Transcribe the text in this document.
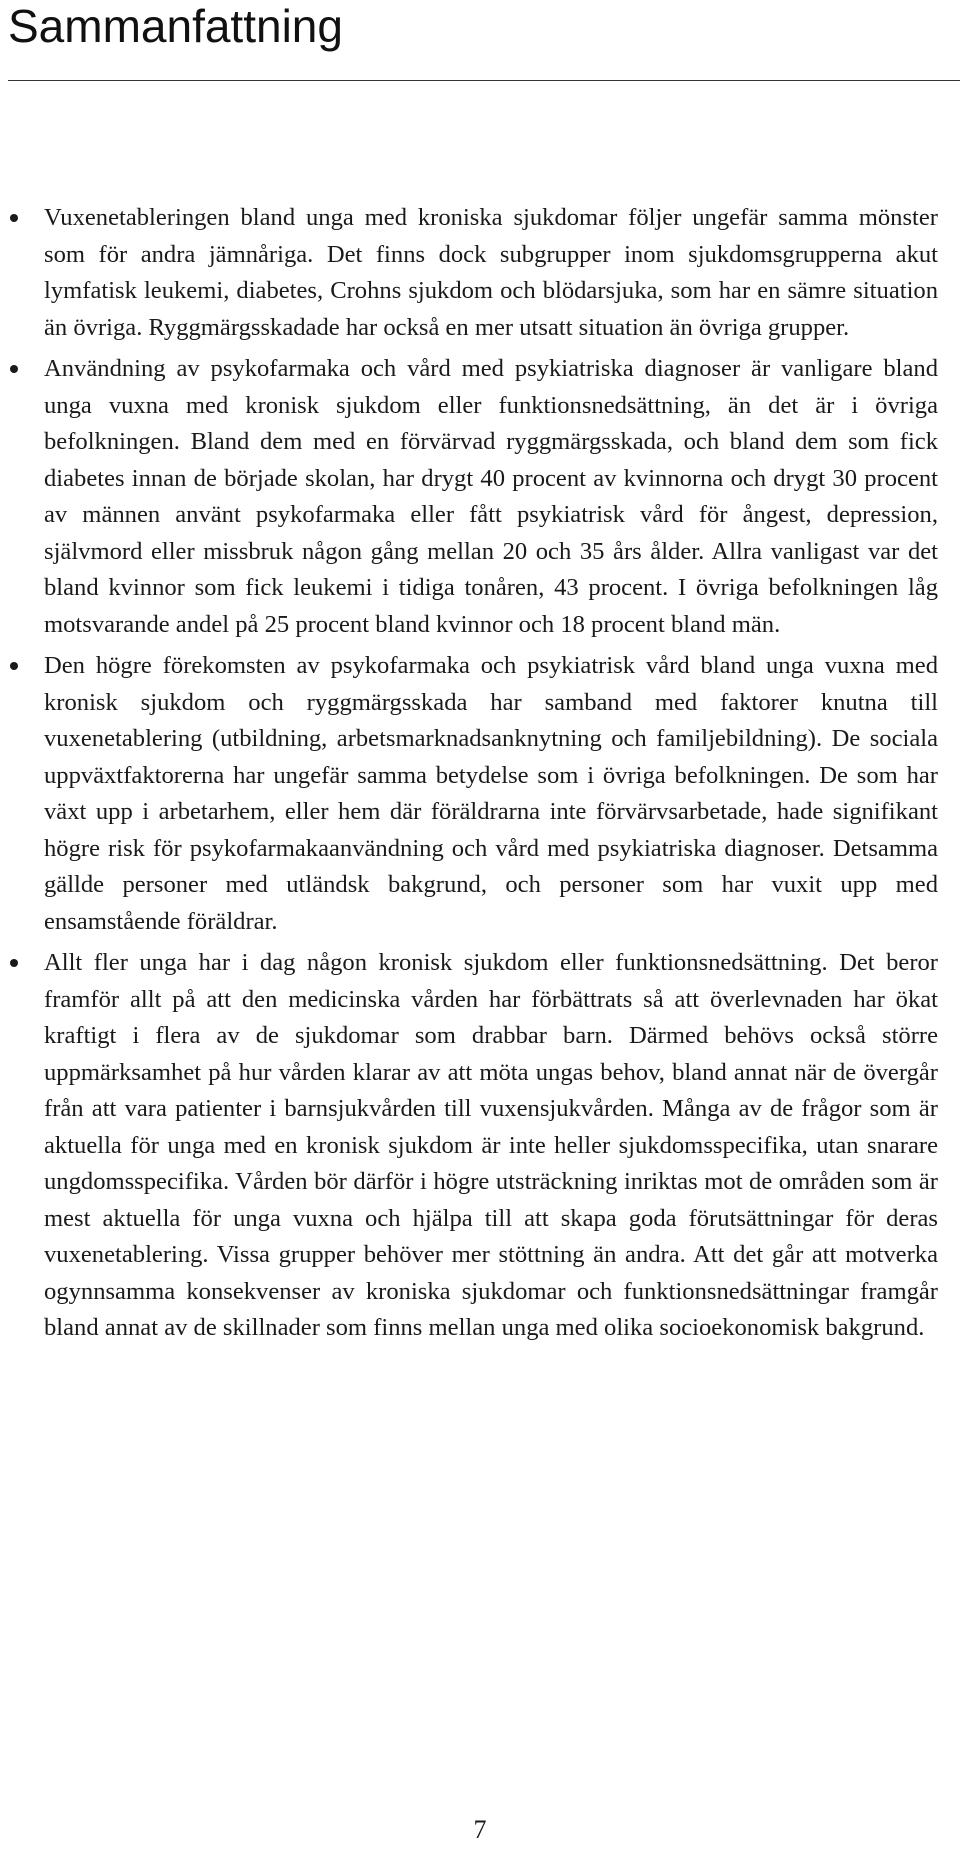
Sammanfattning
Vuxenetableringen bland unga med kroniska sjukdomar följer ungefär samma mönster som för andra jämnåriga. Det finns dock subgrupper inom sjukdomsgrupperna akut lymfatisk leukemi, diabetes, Crohns sjukdom och blödarsjuka, som har en sämre situation än övriga. Ryggmärgsskadade har också en mer utsatt situation än övriga grupper.
Användning av psykofarmaka och vård med psykiatriska diagnoser är vanligare bland unga vuxna med kronisk sjukdom eller funktionsnedsättning, än det är i övriga befolkningen. Bland dem med en förvärvad ryggmärgsskada, och bland dem som fick diabetes innan de började skolan, har drygt 40 procent av kvinnorna och drygt 30 procent av männen använt psykofarmaka eller fått psykiatrisk vård för ångest, depression, självmord eller missbruk någon gång mellan 20 och 35 års ålder. Allra vanligast var det bland kvinnor som fick leukemi i tidiga tonåren, 43 procent. I övriga befolkningen låg motsvarande andel på 25 procent bland kvinnor och 18 procent bland män.
Den högre förekomsten av psykofarmaka och psykiatrisk vård bland unga vuxna med kronisk sjukdom och ryggmärgsskada har samband med faktorer knutna till vuxenetablering (utbildning, arbetsmarknadsanknytning och familjebildning). De sociala uppväxtfaktorerna har ungefär samma betydelse som i övriga befolkningen. De som har växt upp i arbetarhem, eller hem där föräldrarna inte förvärvsarbetade, hade signifikant högre risk för psykofarmakaanvändning och vård med psykiatriska diagnoser. Detsamma gällde personer med utländsk bakgrund, och personer som har vuxit upp med ensamstående föräldrar.
Allt fler unga har i dag någon kronisk sjukdom eller funktionsnedsättning. Det beror framför allt på att den medicinska vården har förbättrats så att överlevnaden har ökat kraftigt i flera av de sjukdomar som drabbar barn. Därmed behövs också större uppmärksamhet på hur vården klarar av att möta ungas behov, bland annat när de övergår från att vara patienter i barnsjukvården till vuxensjukvården. Många av de frågor som är aktuella för unga med en kronisk sjukdom är inte heller sjukdomsspecifika, utan snarare ungdomsspecifika. Vården bör därför i högre utsträckning inriktas mot de områden som är mest aktuella för unga vuxna och hjälpa till att skapa goda förutsättningar för deras vuxenetablering. Vissa grupper behöver mer stöttning än andra. Att det går att motverka ogynnsamma konsekvenser av kroniska sjukdomar och funktionsnedsättningar framgår bland annat av de skillnader som finns mellan unga med olika socioekonomisk bakgrund.
7
